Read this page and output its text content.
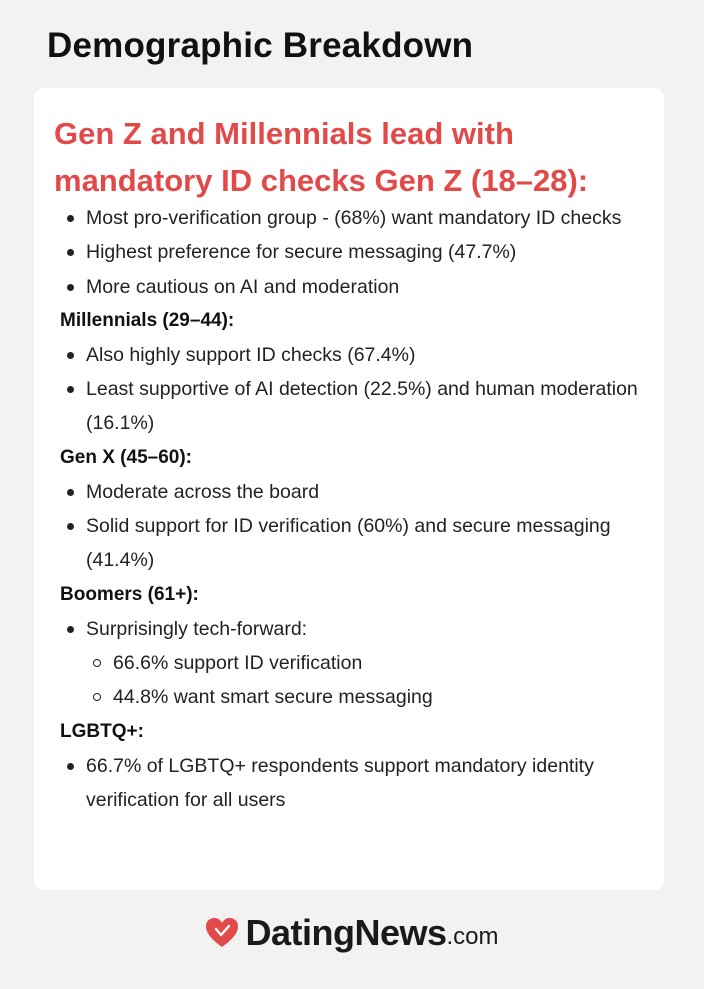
Demographic Breakdown
Gen Z and Millennials lead with mandatory ID checks Gen Z (18–28):
Most pro-verification group - (68%) want mandatory ID checks
Highest preference for secure messaging (47.7%)
More cautious on AI and moderation
Millennials (29–44):
Also highly support ID checks (67.4%)
Least supportive of AI detection (22.5%) and human moderation (16.1%)
Gen X (45–60):
Moderate across the board
Solid support for ID verification (60%) and secure messaging (41.4%)
Boomers (61+):
Surprisingly tech-forward:
66.6% support ID verification
44.8% want smart secure messaging
LGBTQ+:
66.7% of LGBTQ+ respondents support mandatory identity verification for all users
DatingNews .com
